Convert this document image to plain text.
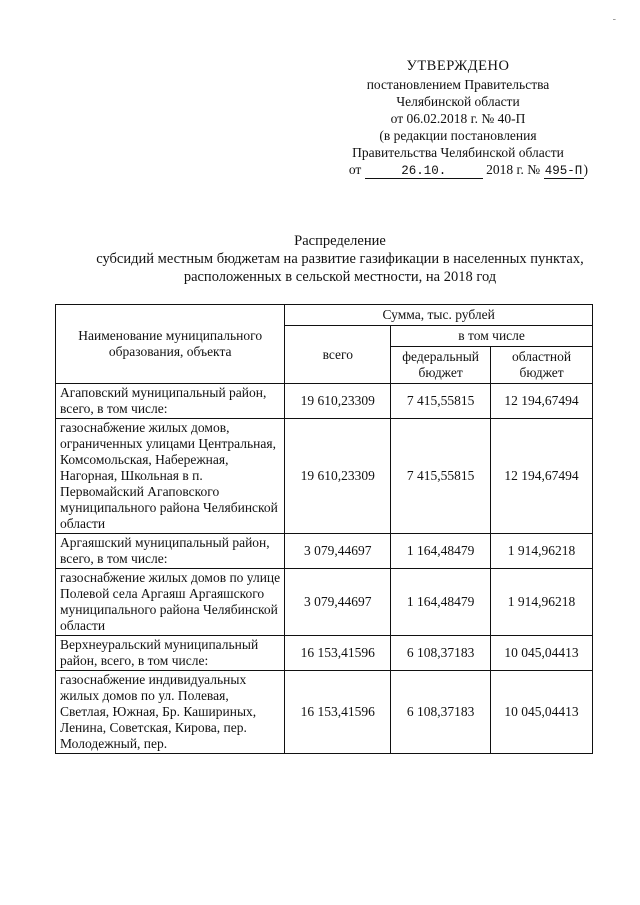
-
УТВЕРЖДЕНО
постановлением Правительства
Челябинской области
от 06.02.2018 г. № 40-П
(в редакции постановления
Правительства Челябинской области
от	26.10.	2018 г. № 495-П)
Распределение
субсидий местным бюджетам на развитие газификации в населенных пунктах,
расположенных в сельской местности, на 2018 год
Наименование муниципального образования, объекта	Сумма, тыс. рублей		
	всего	в том числе	
		федеральный бюджет	областной бюджет
Агаповский муниципальный район, всего, в том числе:	19 610,23309	7 415,55815	12 194,67494
газоснабжение жилых домов, ограниченных улицами Центральная, Комсомольская, Набережная, Нагорная, Школьная в п. Первомайский Агаповского муниципального района Челябинской области	19 610,23309	7 415,55815	12 194,67494
Аргаяшский муниципальный район, всего, в том числе:	3 079,44697	1 164,48479	1 914,96218
газоснабжение жилых домов по улице Полевой села Аргаяш Аргаяшского муниципального района Челябинской области	3 079,44697	1 164,48479	1 914,96218
Верхнеуральский муниципальный район, всего, в том числе:	16 153,41596	6 108,37183	10 045,04413
газоснабжение индивидуальных жилых домов по ул. Полевая, Светлая, Южная, Бр. Кашириных, Ленина, Советская, Кирова, пер. Молодежный, пер.	16 153,41596	6 108,37183	10 045,04413
